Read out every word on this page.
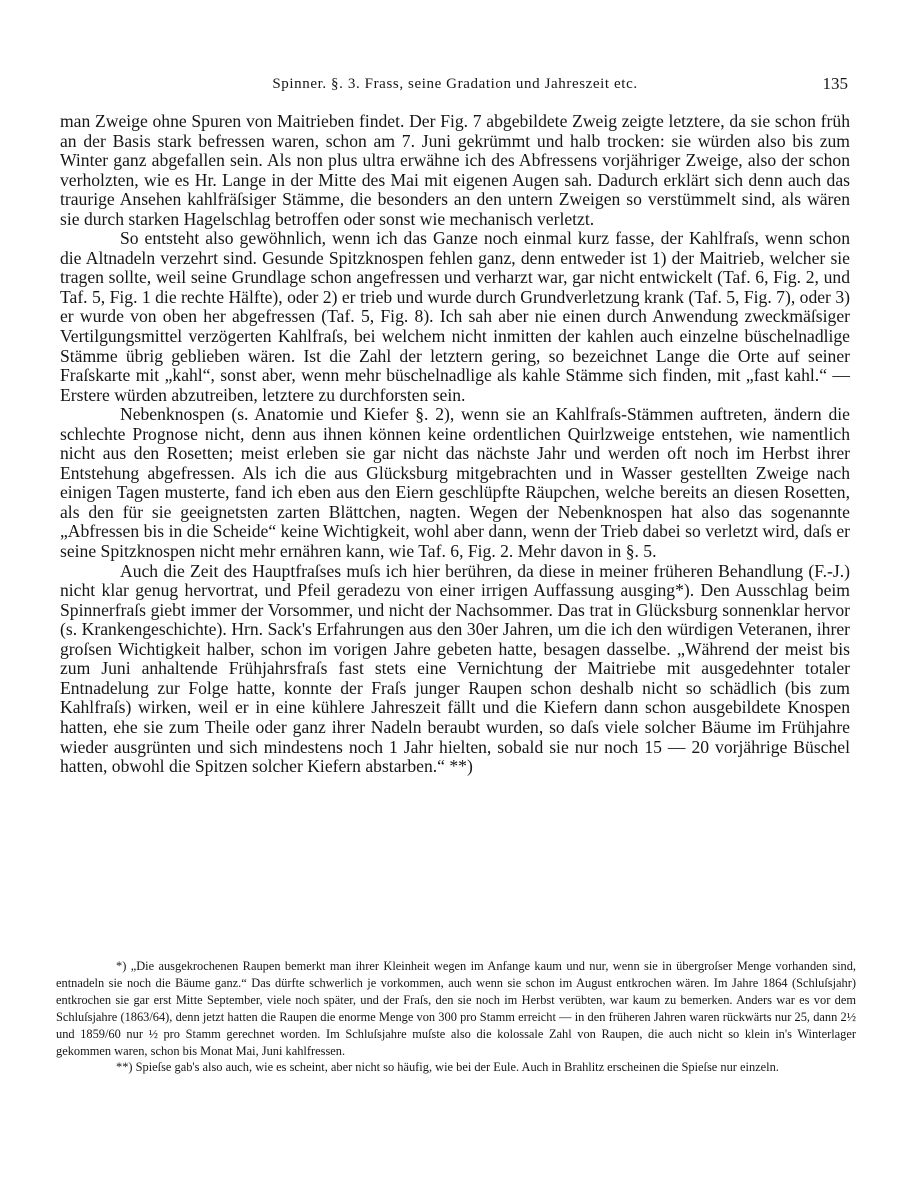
Spinner. §. 3. Frass, seine Gradation und Jahreszeit etc.	135

man Zweige ohne Spuren von Maitrieben findet. Der Fig. 7 abgebildete Zweig zeigte letztere, da sie schon früh an der Basis stark befressen waren, schon am 7. Juni gekrümmt und halb trocken: sie würden also bis zum Winter ganz abgefallen sein. Als non plus ultra erwähne ich des Abfressens vorjähriger Zweige, also der schon verholzten, wie es Hr. Lange in der Mitte des Mai mit eigenen Augen sah. Dadurch erklärt sich denn auch das traurige Ansehen kahlfräſsiger Stämme, die besonders an den untern Zweigen so verstümmelt sind, als wären sie durch starken Hagelschlag betroffen oder sonst wie mechanisch verletzt.

So entsteht also gewöhnlich, wenn ich das Ganze noch einmal kurz fasse, der Kahlfraſs, wenn schon die Altnadeln verzehrt sind. Gesunde Spitzknospen fehlen ganz, denn entweder ist 1) der Maitrieb, welcher sie tragen sollte, weil seine Grundlage schon angefressen und verharzt war, gar nicht entwickelt (Taf. 6, Fig. 2, und Taf. 5, Fig. 1 die rechte Hälfte), oder 2) er trieb und wurde durch Grundverletzung krank (Taf. 5, Fig. 7), oder 3) er wurde von oben her abgefressen (Taf. 5, Fig. 8). Ich sah aber nie einen durch Anwendung zweckmäſsiger Vertilgungsmittel verzögerten Kahlfraſs, bei welchem nicht inmitten der kahlen auch einzelne büschelnadlige Stämme übrig geblieben wären. Ist die Zahl der letztern gering, so bezeichnet Lange die Orte auf seiner Fraſskarte mit „kahl“, sonst aber, wenn mehr büschelnadlige als kahle Stämme sich finden, mit „fast kahl.“ — Erstere würden abzutreiben, letztere zu durchforsten sein.

Nebenknospen (s. Anatomie und Kiefer §. 2), wenn sie an Kahlfraſs-Stämmen auftreten, ändern die schlechte Prognose nicht, denn aus ihnen können keine ordentlichen Quirlzweige entstehen, wie namentlich nicht aus den Rosetten; meist erleben sie gar nicht das nächste Jahr und werden oft noch im Herbst ihrer Entstehung abgefressen. Als ich die aus Glücksburg mitgebrachten und in Wasser gestellten Zweige nach einigen Tagen musterte, fand ich eben aus den Eiern geschlüpfte Räupchen, welche bereits an diesen Rosetten, als den für sie geeignetsten zarten Blättchen, nagten. Wegen der Nebenknospen hat also das sogenannte „Abfressen bis in die Scheide“ keine Wichtigkeit, wohl aber dann, wenn der Trieb dabei so verletzt wird, daſs er seine Spitzknospen nicht mehr ernähren kann, wie Taf. 6, Fig. 2. Mehr davon in §. 5.

Auch die Zeit des Hauptfraſses muſs ich hier berühren, da diese in meiner früheren Behandlung (F.-J.) nicht klar genug hervortrat, und Pfeil geradezu von einer irrigen Auffassung ausging*). Den Ausschlag beim Spinnerfraſs giebt immer der Vorsommer, und nicht der Nachsommer. Das trat in Glücksburg sonnenklar hervor (s. Krankengeschichte). Hrn. Sack's Erfahrungen aus den 30er Jahren, um die ich den würdigen Veteranen, ihrer groſsen Wichtigkeit halber, schon im vorigen Jahre gebeten hatte, besagen dasselbe. „Während der meist bis zum Juni anhaltende Frühjahrsfraſs fast stets eine Vernichtung der Maitriebe mit ausgedehnter totaler Entnadelung zur Folge hatte, konnte der Fraſs junger Raupen schon deshalb nicht so schädlich (bis zum Kahlfraſs) wirken, weil er in eine kühlere Jahreszeit fällt und die Kiefern dann schon ausgebildete Knospen hatten, ehe sie zum Theile oder ganz ihrer Nadeln beraubt wurden, so daſs viele solcher Bäume im Frühjahre wieder ausgrünten und sich mindestens noch 1 Jahr hielten, sobald sie nur noch 15 — 20 vorjährige Büschel hatten, obwohl die Spitzen solcher Kiefern abstarben.“ **)

*) „Die ausgekrochenen Raupen bemerkt man ihrer Kleinheit wegen im Anfange kaum und nur, wenn sie in übergroſser Menge vorhanden sind, entnadeln sie noch die Bäume ganz.“ Das dürfte schwerlich je vorkommen, auch wenn sie schon im August entkrochen wären. Im Jahre 1864 (Schluſsjahr) entkrochen sie gar erst Mitte September, viele noch später, und der Fraſs, den sie noch im Herbst verübten, war kaum zu bemerken. Anders war es vor dem Schluſsjahre (1863/64), denn jetzt hatten die Raupen die enorme Menge von 300 pro Stamm erreicht — in den früheren Jahren waren rückwärts nur 25, dann 2½ und 1859/60 nur ½ pro Stamm gerechnet worden. Im Schluſsjahre muſste also die kolossale Zahl von Raupen, die auch nicht so klein in's Winterlager gekommen waren, schon bis Monat Mai, Juni kahlfressen.

**) Spieſse gab's also auch, wie es scheint, aber nicht so häufig, wie bei der Eule. Auch in Brahlitz erscheinen die Spieſse nur einzeln.
